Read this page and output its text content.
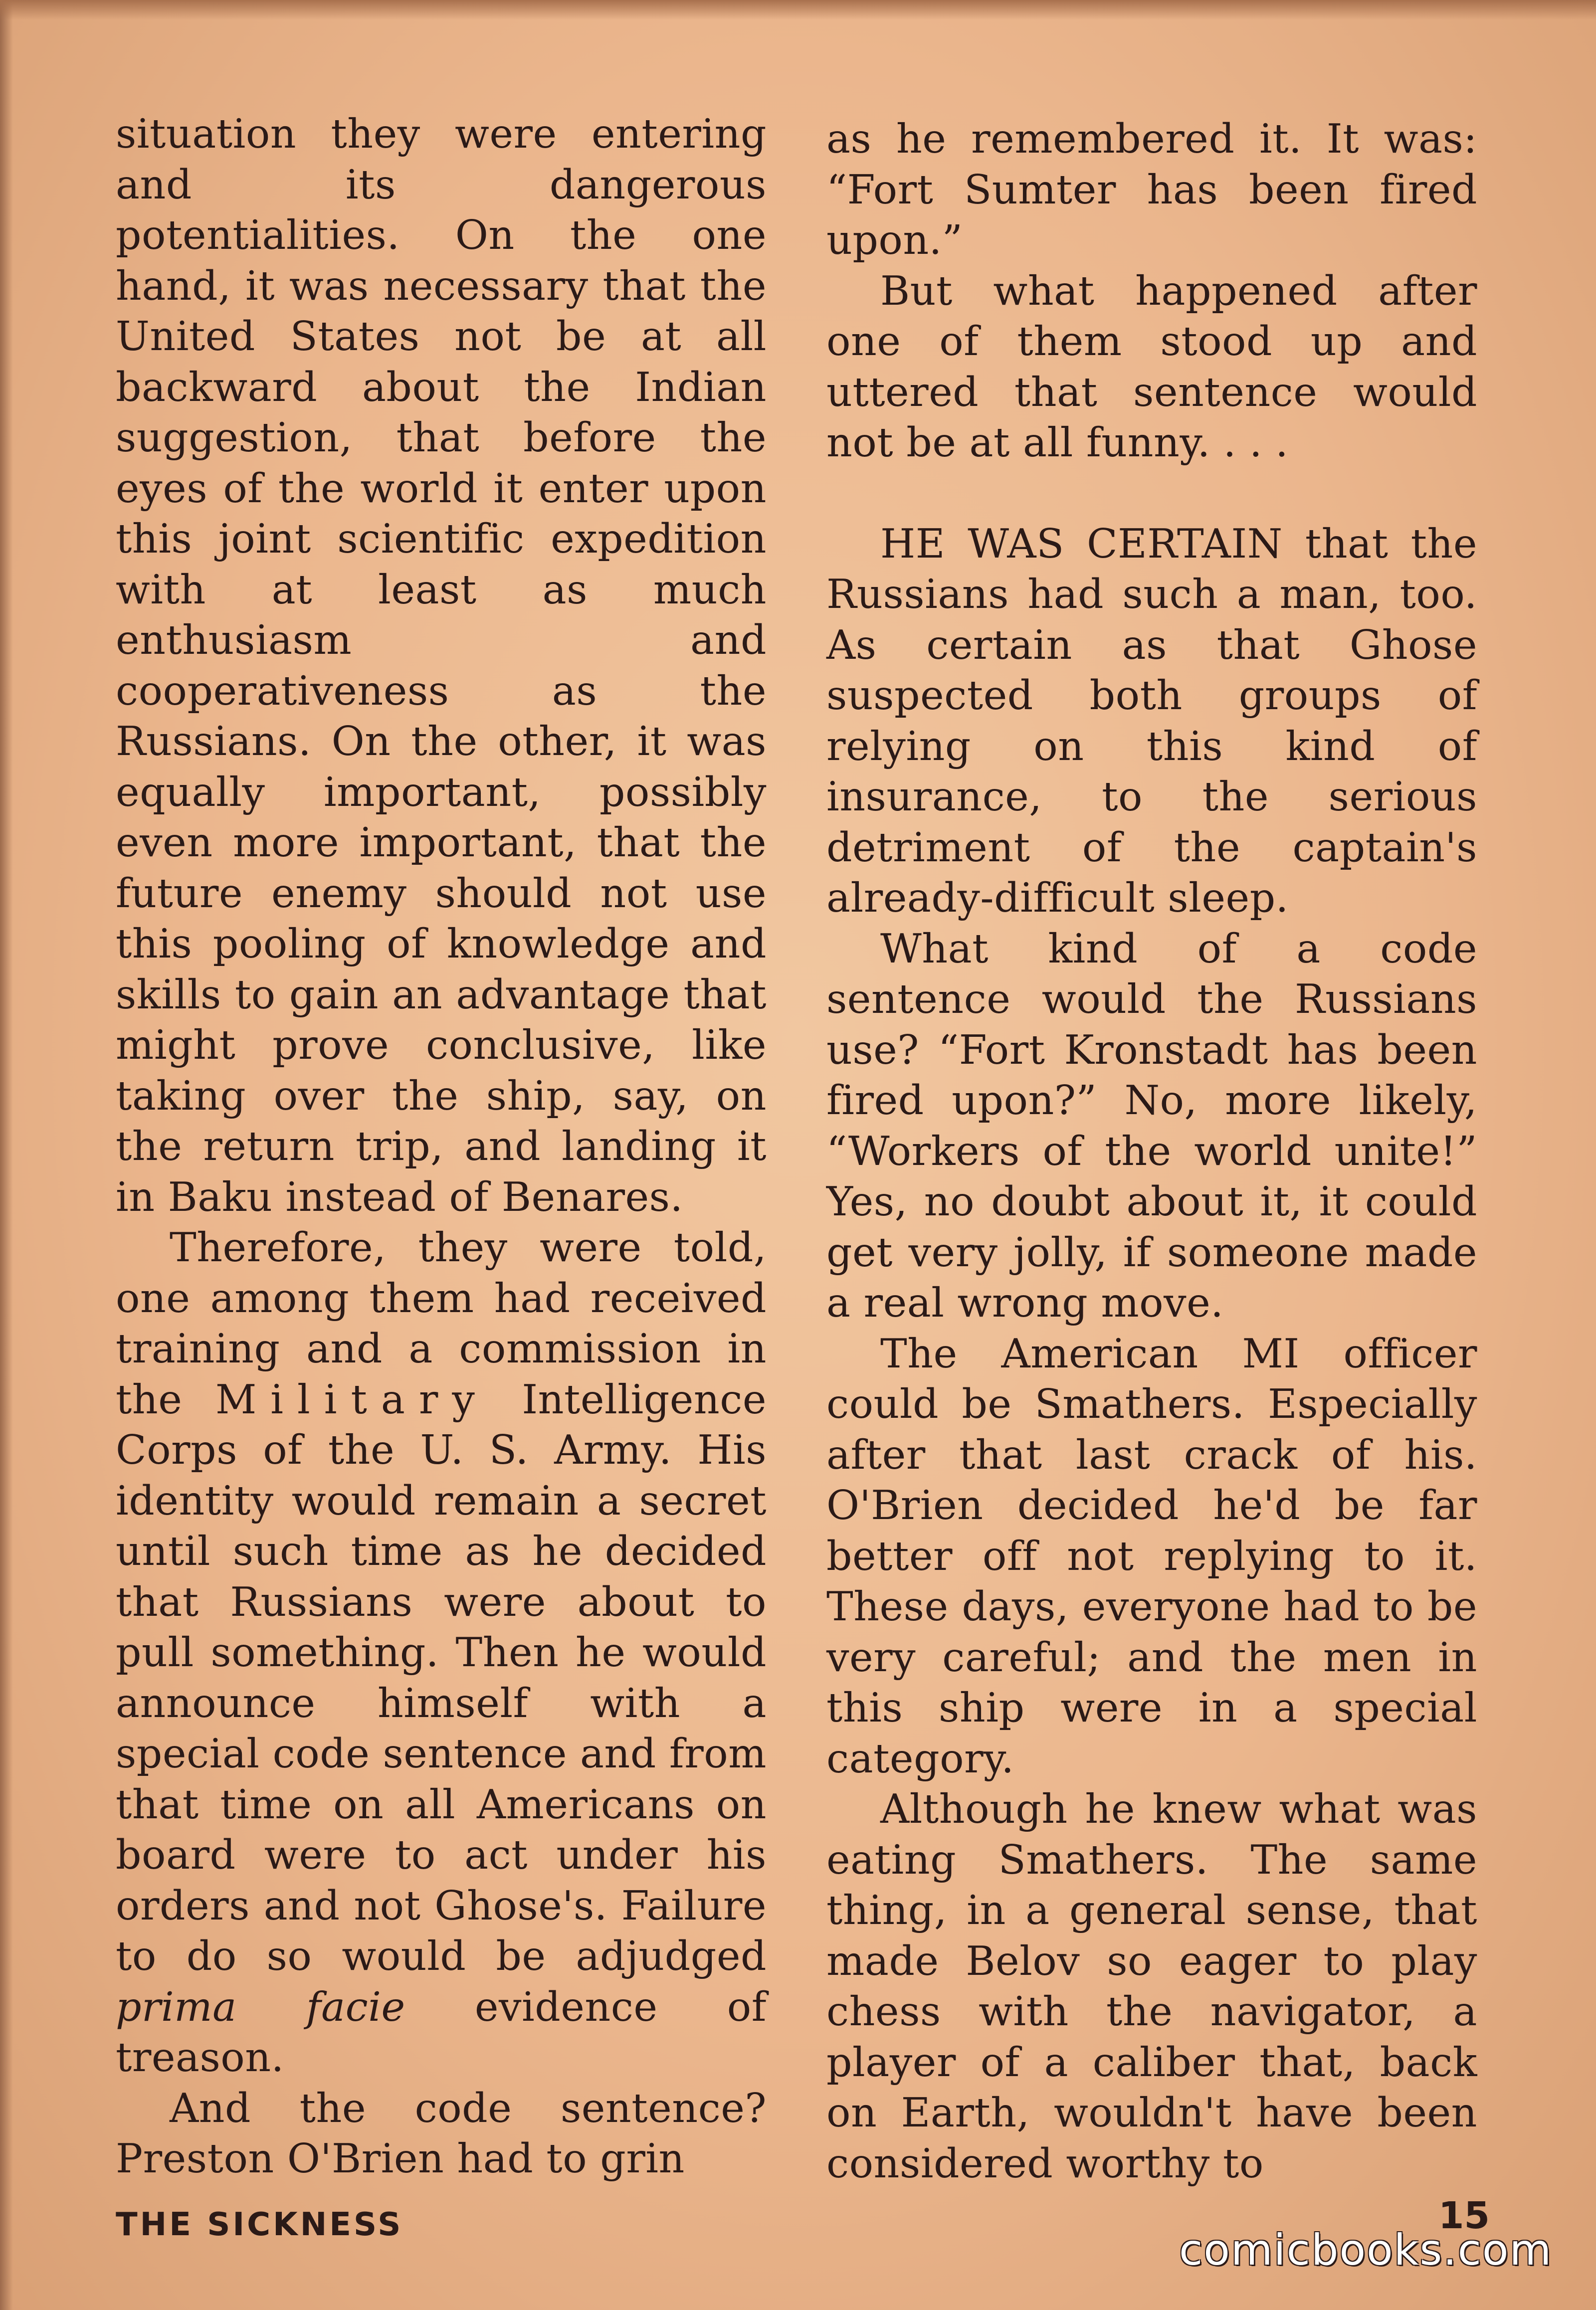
situation they were entering and its dangerous potentialities. On the one hand, it was necessary that the United States not be at all backward about the Indian suggestion, that before the eyes of the world it enter upon this joint scientific expedition with at least as much enthusiasm and cooperativeness as the Russians. On the other, it was equally important, possibly even more important, that the future enemy should not use this pooling of knowledge and skills to gain an advantage that might prove conclusive, like taking over the ship, say, on the return trip, and landing it in Baku instead of Benares.

Therefore, they were told, one among them had received training and a commission in the Military Intelligence Corps of the U. S. Army. His identity would remain a secret until such time as he decided that Russians were about to pull something. Then he would announce himself with a special code sentence and from that time on all Americans on board were to act under his orders and not Ghose's. Failure to do so would be adjudged prima facie evidence of treason.

And the code sentence? Preston O'Brien had to grin

as he remembered it. It was: “Fort Sumter has been fired upon.”

But what happened after one of them stood up and uttered that sentence would not be at all funny. . . .

HE WAS CERTAIN that the Russians had such a man, too. As certain as that Ghose suspected both groups of relying on this kind of insurance, to the serious detriment of the captain's already-difficult sleep.

What kind of a code sentence would the Russians use? “Fort Kronstadt has been fired upon?” No, more likely, “Workers of the world unite!” Yes, no doubt about it, it could get very jolly, if someone made a real wrong move.

The American MI officer could be Smathers. Especially after that last crack of his. O'Brien decided he'd be far better off not replying to it. These days, everyone had to be very careful; and the men in this ship were in a special category.

Although he knew what was eating Smathers. The same thing, in a general sense, that made Belov so eager to play chess with the navigator, a player of a caliber that, back on Earth, wouldn't have been considered worthy to

THE SICKNESS	15
comicbooks.com
